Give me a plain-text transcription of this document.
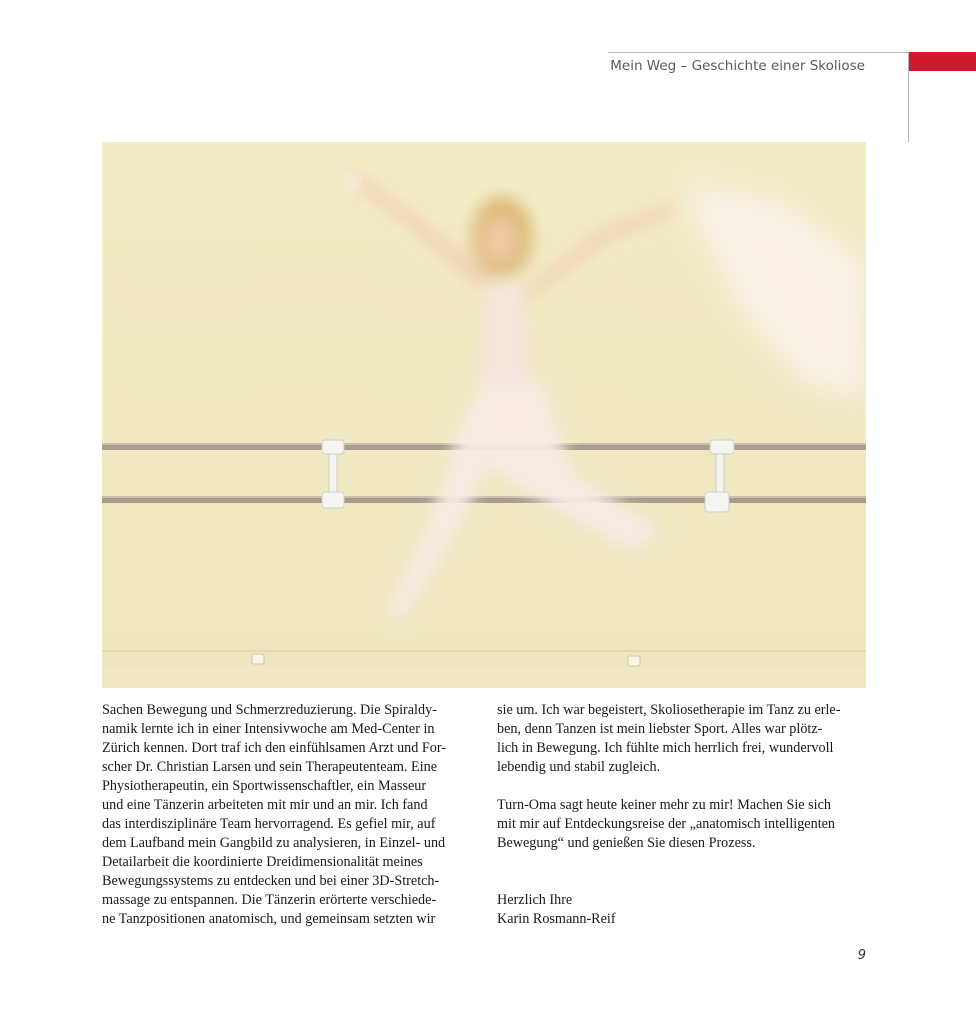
Mein Weg – Geschichte einer Skoliose

Sachen Bewegung und Schmerzreduzierung. Die Spiraldy-

namik lernte ich in einer Intensivwoche am Med-Center in

Zürich kennen. Dort traf ich den einfühlsamen Arzt und For-

scher Dr. Christian Larsen und sein Therapeutenteam. Eine

Physiotherapeutin, ein Sportwissenschaftler, ein Masseur

und eine Tänzerin arbeiteten mit mir und an mir. Ich fand

das interdisziplinäre Team hervorragend. Es gefiel mir, auf

dem Laufband mein Gangbild zu analysieren, in Einzel- und

Detailarbeit die koordinierte Dreidimensionalität meines

Bewegungssystems zu entdecken und bei einer 3D-Stretch-

massage zu entspannen. Die Tänzerin erörterte verschiede-

ne Tanzpositionen anatomisch, und gemeinsam setzten wir

sie um. Ich war begeistert, Skoliosetherapie im Tanz zu erle-

ben, denn Tanzen ist mein liebster Sport. Alles war plötz-

lich in Bewegung. Ich fühlte mich herrlich frei, wundervoll

lebendig und stabil zugleich.

Turn-Oma sagt heute keiner mehr zu mir! Machen Sie sich

mit mir auf Entdeckungsreise der „anatomisch intelligenten

Bewegung“ und genießen Sie diesen Prozess.

Herzlich Ihre

Karin Rosmann-Reif

9
